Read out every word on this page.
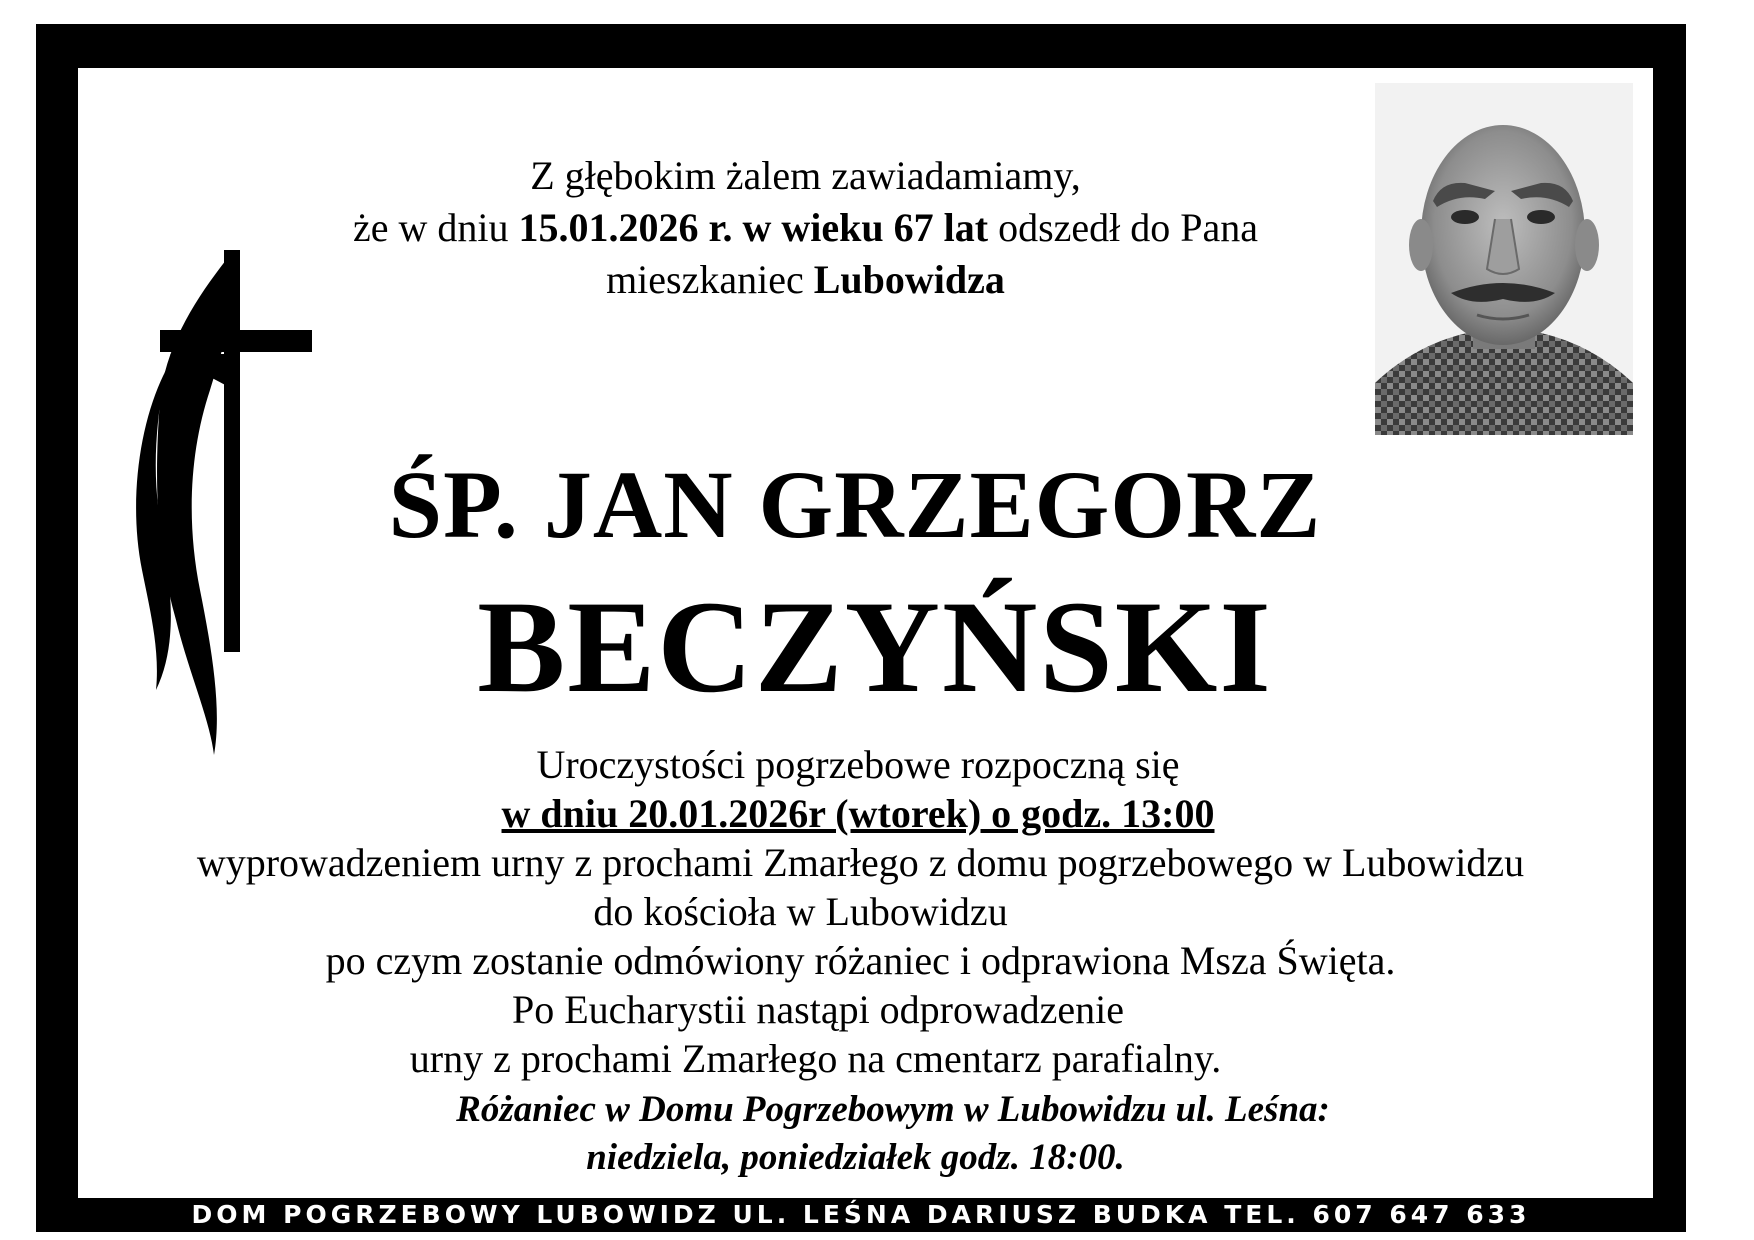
Z głębokim żalem zawiadamiamy,
że w dniu 15.01.2026 r. w wieku 67 lat odszedł do Pana
mieszkaniec Lubowidza
ŚP. JAN GRZEGORZ
BECZYŃSKI
Uroczystości pogrzebowe rozpoczną się
w dniu 20.01.2026r (wtorek) o godz. 13:00
wyprowadzeniem urny z prochami Zmarłego z domu pogrzebowego w Lubowidzu
do kościoła w Lubowidzu
po czym zostanie odmówiony różaniec i odprawiona Msza Święta.
Po Eucharystii nastąpi odprowadzenie
urny z prochami Zmarłego na cmentarz parafialny.
Różaniec w Domu Pogrzebowym w Lubowidzu ul. Leśna:
niedziela, poniedziałek godz. 18:00.
DOM POGRZEBOWY LUBOWIDZ UL. LEŚNA DARIUSZ BUDKA TEL. 607 647 633
